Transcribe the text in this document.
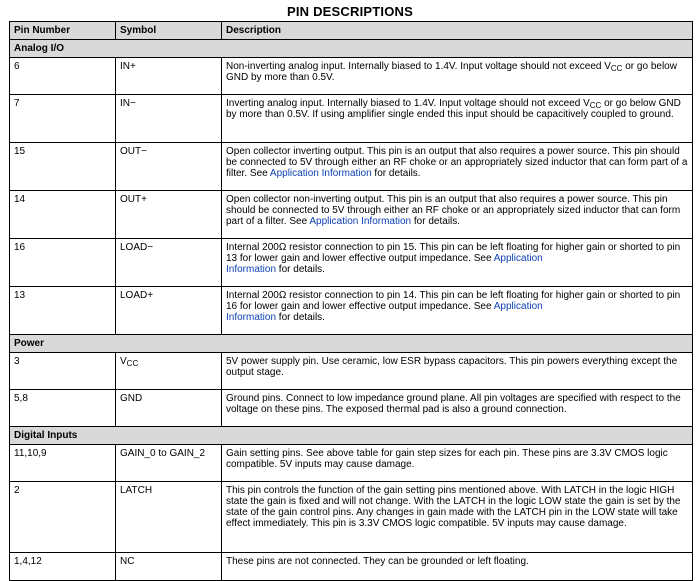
PIN DESCRIPTIONS
Pin Number	Symbol	Description
Analog I/O		
6	IN+	Non-inverting analog input. Internally biased to 1.4V. Input voltage should not exceed $V_{CC}$ or go below GND by more than 0.5V.
7	IN−	Inverting analog input. Internally biased to 1.4V. Input voltage should not exceed $V_{CC}$ or go below GND by more than 0.5V. If using amplifier single ended this input should be capacitively coupled to ground.
15	OUT−	Open collector inverting output. This pin is an output that also requires a power source. This pin should be connected to 5V through either an RF choke or an appropriately sized inductor that can form part of a filter. See Application Information for details.
14	OUT+	Open collector non-inverting output. This pin is an output that also requires a power source. This pin should be connected to 5V through either an RF choke or an appropriately sized inductor that can form part of a filter. See Application Information for details.
16	LOAD−	Internal 200Ω resistor connection to pin 15. This pin can be left floating for higher gain or shorted to pin 13 for lower gain and lower effective output impedance. See Application
Information for details.
13	LOAD+	Internal 200Ω resistor connection to pin 14. This pin can be left floating for higher gain or shorted to pin 16 for lower gain and lower effective output impedance. See Application
Information for details.
Power		
3	$V_{CC}$	5V power supply pin. Use ceramic, low ESR bypass capacitors. This pin powers everything except the output stage.
5,8	GND	Ground pins. Connect to low impedance ground plane. All pin voltages are specified with respect to the voltage on these pins. The exposed thermal pad is also a ground connection.
Digital Inputs		
11,10,9	GAIN_0 to GAIN_2	Gain setting pins. See above table for gain step sizes for each pin. These pins are 3.3V CMOS logic compatible. 5V inputs may cause damage.
2	LATCH	This pin controls the function of the gain setting pins mentioned above. With LATCH in the logic HIGH state the gain is fixed and will not change. With the LATCH in the logic LOW state the gain is set by the state of the gain control pins. Any changes in gain made with the LATCH pin in the LOW state will take effect immediately. This pin is 3.3V CMOS logic compatible. 5V inputs may cause damage.
1,4,12	NC	These pins are not connected. They can be grounded or left floating.
